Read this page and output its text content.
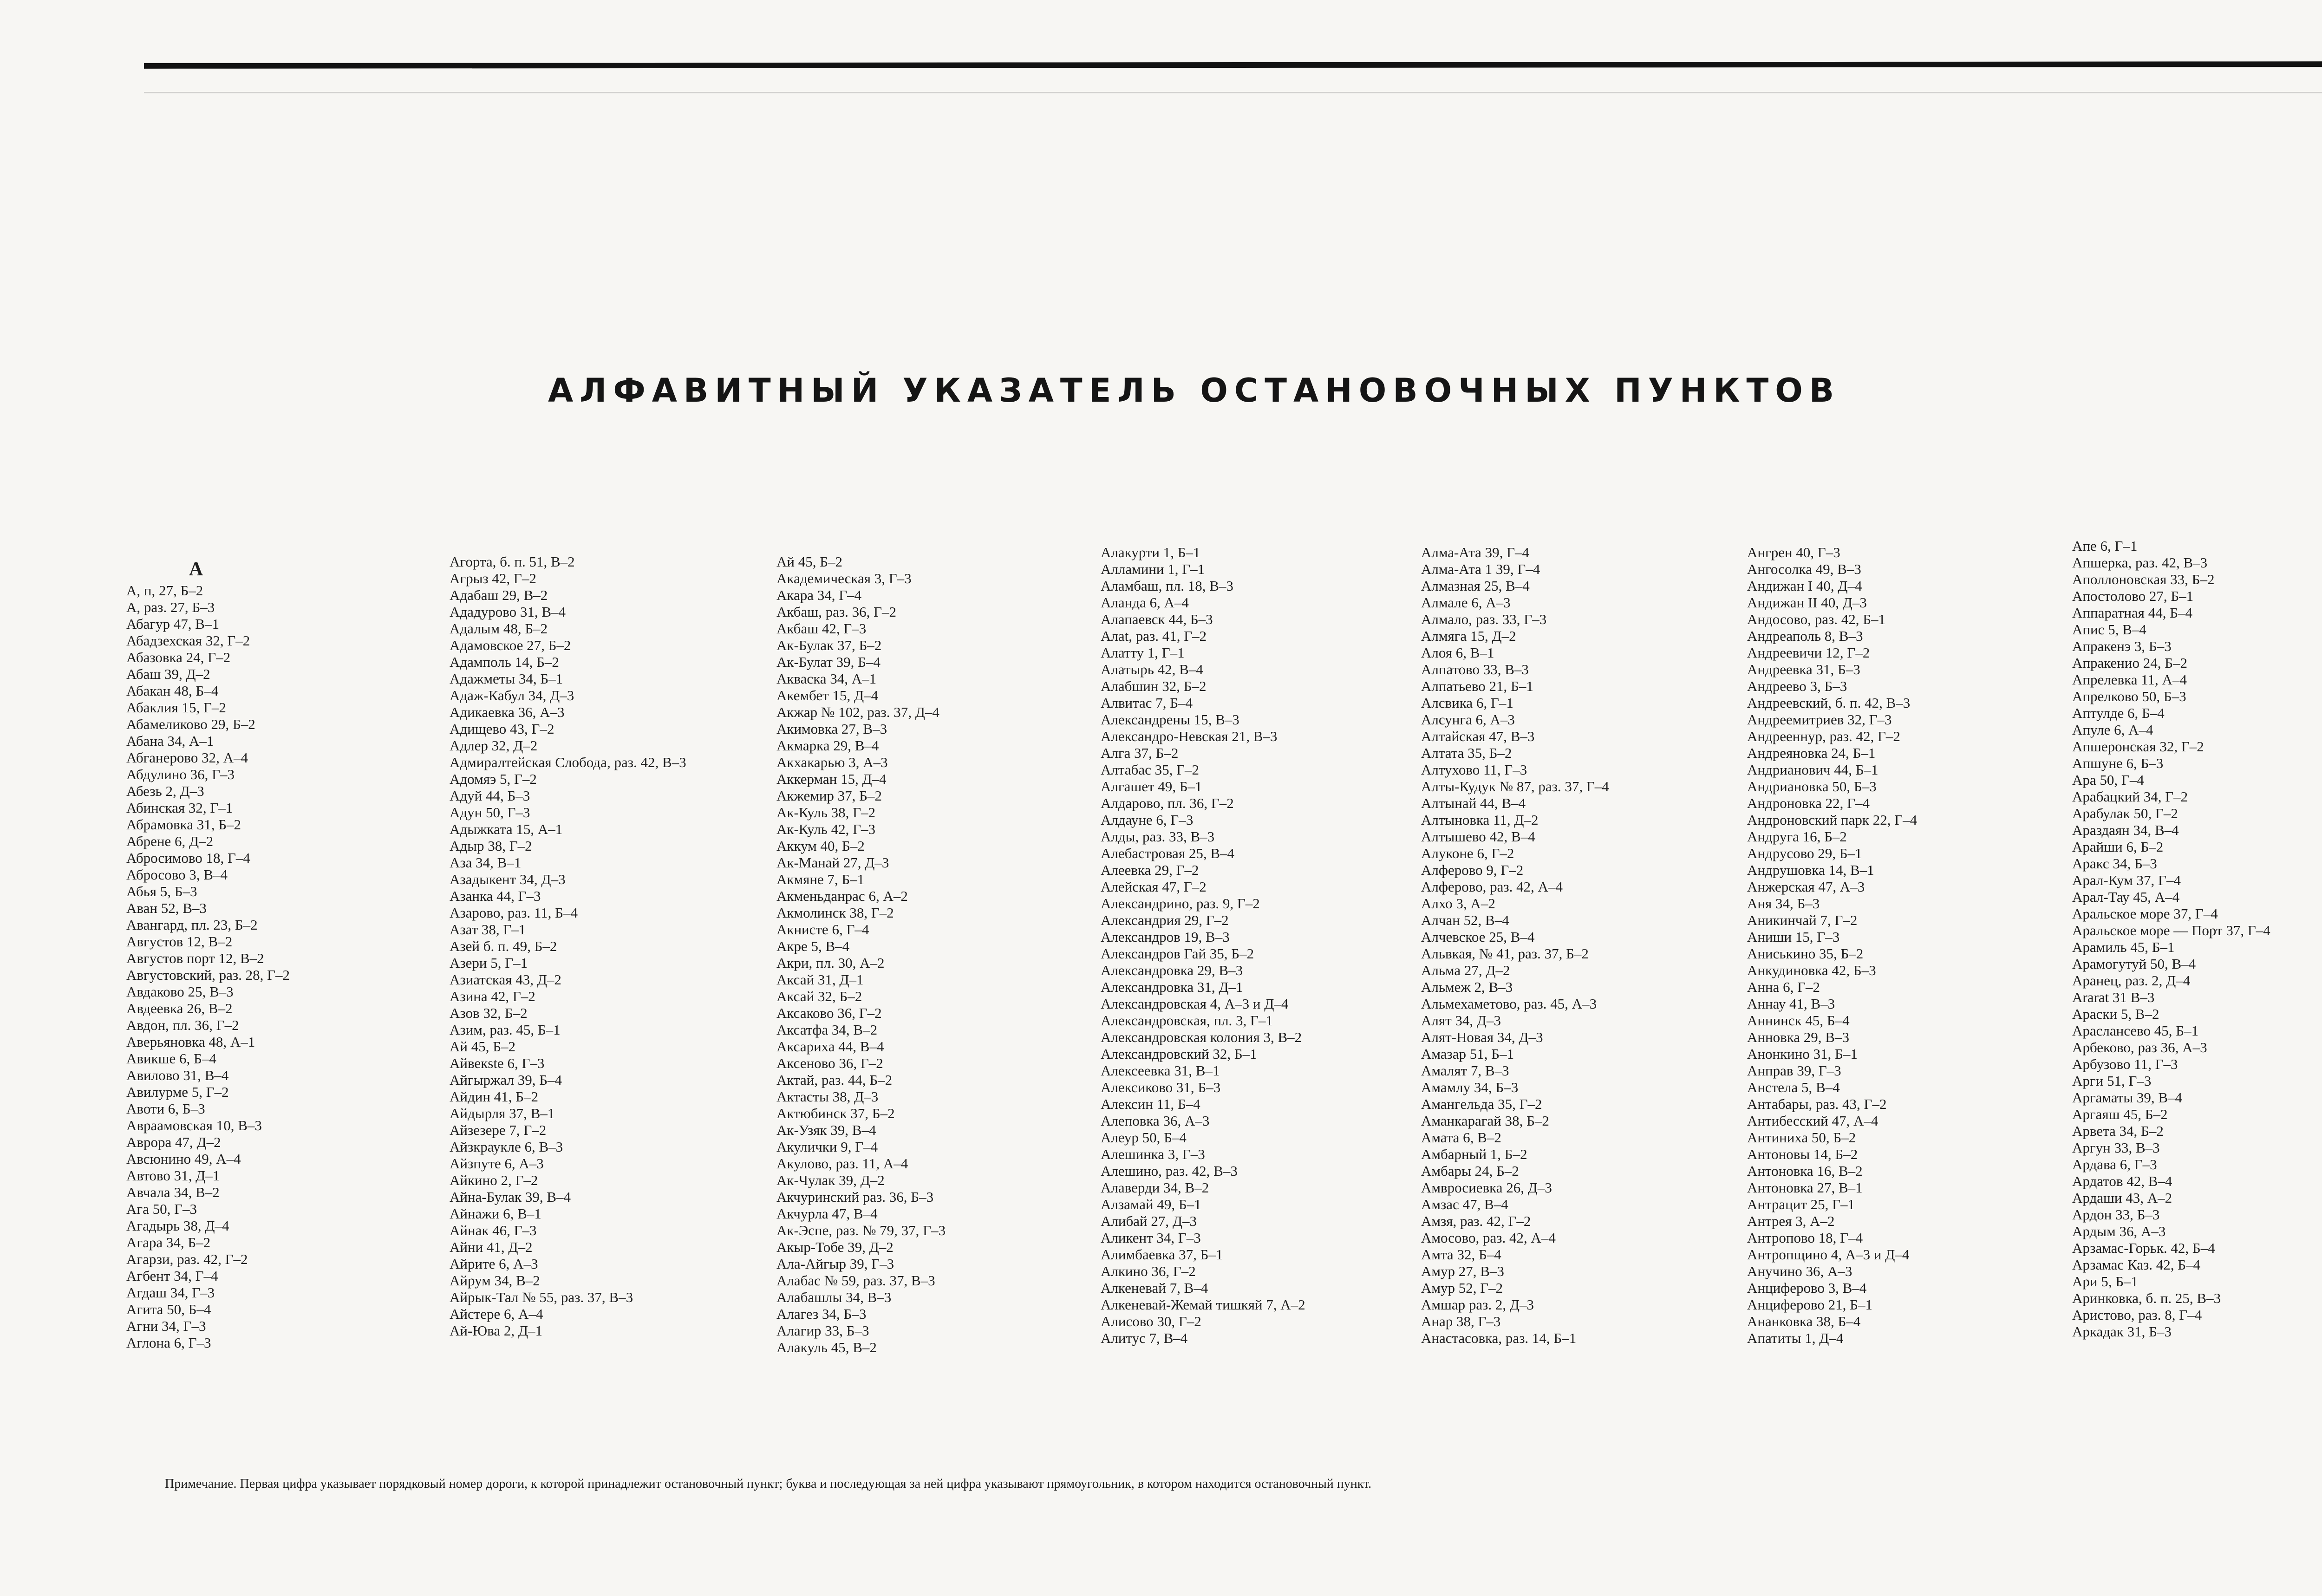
АЛФАВИТНЫЙ УКАЗАТЕЛЬ ОСТАНОВОЧНЫХ ПУНКТОВ
А
А, п, 27, Б–2
А, раз. 27, Б–3
Абагур 47, В–1
Абадзехская 32, Г–2
Абазовка 24, Г–2
Абаш 39, Д–2
Абакан 48, Б–4
Абаклия 15, Г–2
Абамеликово 29, Б–2
Абана 34, А–1
Абганерово 32, А–4
Абдулино 36, Г–3
Абезь 2, Д–3
Абинская 32, Г–1
Абрамовка 31, Б–2
Абрене 6, Д–2
Абросимово 18, Г–4
Абросово 3, В–4
Абья 5, Б–3
Аван 52, В–3
Авангард, пл. 23, Б–2
Августов 12, В–2
Августов порт 12, В–2
Августовский, раз. 28, Г–2
Авдаково 25, В–3
Авдеевка 26, В–2
Авдон, пл. 36, Г–2
Аверьяновка 48, А–1
Авикше 6, Б–4
Авилово 31, В–4
Авилурме 5, Г–2
Авоти 6, Б–3
Авраамовская 10, В–3
Аврора 47, Д–2
Авсюнино 49, А–4
Автово 31, Д–1
Авчала 34, В–2
Ага 50, Г–3
Агадырь 38, Д–4
Агара 34, Б–2
Агарзи, раз. 42, Г–2
Агбент 34, Г–4
Агдаш 34, Г–3
Агита 50, Б–4
Агни 34, Г–3
Аглона 6, Г–3
Агорта, б. п. 51, В–2
Агрыз 42, Г–2
Адабаш 29, В–2
Ададурово 31, В–4
Адалым 48, Б–2
Адамовское 27, Б–2
Адамполь 14, Б–2
Адажметы 34, Б–1
Адаж-Кабул 34, Д–3
Адикаевка 36, А–3
Адищево 43, Г–2
Адлер 32, Д–2
Адмиралтейская Слобода, раз. 42, В–3
Адомяэ 5, Г–2
Адуй 44, Б–3
Адун 50, Г–3
Адыжката 15, А–1
Адыр 38, Г–2
Аза 34, В–1
Азадыкент 34, Д–3
Азанка 44, Г–3
Азарово, раз. 11, Б–4
Азат 38, Г–1
Азей б. п. 49, Б–2
Азери 5, Г–1
Азиатская 43, Д–2
Азина 42, Г–2
Азов 32, Б–2
Азим, раз. 45, Б–1
Ай 45, Б–2
Айвекste 6, Г–3
Айгыржал 39, Б–4
Айдин 41, Б–2
Айдырля 37, В–1
Айзезере 7, Г–2
Айзкраукле 6, В–3
Айзпуте 6, А–3
Айкино 2, Г–2
Айна-Булак 39, В–4
Айнажи 6, В–1
Айнак 46, Г–3
Айни 41, Д–2
Айрите 6, А–3
Айрум 34, В–2
Айрык-Тал № 55, раз. 37, В–3
Айстере 6, А–4
Ай-Юва 2, Д–1
Ай 45, Б–2
Академическая 3, Г–3
Акара 34, Г–4
Акбаш, раз. 36, Г–2
Акбаш 42, Г–3
Ак-Булак 37, Б–2
Ак-Булат 39, Б–4
Акваска 34, А–1
Акембет 15, Д–4
Акжар № 102, раз. 37, Д–4
Акимовка 27, В–3
Акмарка 29, В–4
Акхакарью 3, А–3
Аккерман 15, Д–4
Акжемир 37, Б–2
Ак-Куль 38, Г–2
Ак-Куль 42, Г–3
Аккум 40, Б–2
Ак-Манай 27, Д–3
Акмяне 7, Б–1
Акменьданрас 6, А–2
Акмолинск 38, Г–2
Акнисте 6, Г–4
Акре 5, В–4
Акри, пл. 30, А–2
Аксай 31, Д–1
Аксай 32, Б–2
Аксаково 36, Г–2
Аксатфа 34, В–2
Аксариха 44, В–4
Аксеново 36, Г–2
Актай, раз. 44, Б–2
Актасты 38, Д–3
Актюбинск 37, Б–2
Ак-Узяк 39, В–4
Акулички 9, Г–4
Акулово, раз. 11, А–4
Ак-Чулак 39, Д–2
Акчуринский раз. 36, Б–3
Акчурла 47, В–4
Ак-Эспе, раз. № 79, 37, Г–3
Акыр-Тобе 39, Д–2
Ала-Айгыр 39, Г–3
Алабас № 59, раз. 37, В–3
Алабашлы 34, В–3
Алагез 34, Б–3
Алагир 33, Б–3
Алакуль 45, В–2
Алакурти 1, Б–1
Алламини 1, Г–1
Аламбаш, пл. 18, В–3
Аланда 6, А–4
Алапаевск 44, Б–3
Алаt, раз. 41, Г–2
Алатту 1, Г–1
Алатырь 42, В–4
Алабшин 32, Б–2
Алвитас 7, Б–4
Александрены 15, В–3
Александро-Невская 21, В–3
Алга 37, Б–2
Алтабас 35, Г–2
Алгашет 49, Б–1
Алдарово, пл. 36, Г–2
Алдауне 6, Г–3
Алды, раз. 33, В–3
Алебастровая 25, В–4
Алеевка 29, Г–2
Алейская 47, Г–2
Александрино, раз. 9, Г–2
Александрия 29, Г–2
Александров 19, В–3
Александров Гай 35, Б–2
Александровка 29, В–3
Александровка 31, Д–1
Александровская 4, А–3 и Д–4
Александровская, пл. 3, Г–1
Александровская колония 3, В–2
Александровский 32, Б–1
Алексеевка 31, В–1
Алексиково 31, Б–3
Алексин 11, Б–4
Алеповка 36, А–3
Алеур 50, Б–4
Алешинка 3, Г–3
Алешино, раз. 42, В–3
Алаверди 34, В–2
Алзамай 49, Б–1
Алибай 27, Д–3
Аликент 34, Г–3
Алимбаевка 37, Б–1
Алкино 36, Г–2
Алкеневай 7, В–4
Алкеневай-Жемай тишкяй 7, А–2
Алисово 30, Г–2
Алитус 7, В–4
Алма-Ата 39, Г–4
Алма-Ата 1 39, Г–4
Алмазная 25, В–4
Алмале 6, А–3
Алмало, раз. 33, Г–3
Алмяга 15, Д–2
Алоя 6, В–1
Алпатово 33, В–3
Алпатьево 21, Б–1
Алсвика 6, Г–1
Алсунга 6, А–3
Алтайская 47, В–3
Алтата 35, Б–2
Алтухово 11, Г–3
Алты-Кудук № 87, раз. 37, Г–4
Алтынай 44, В–4
Алтыновка 11, Д–2
Алтышево 42, В–4
Алуконе 6, Г–2
Алферово 9, Г–2
Алферово, раз. 42, А–4
Алхо 3, А–2
Алчан 52, В–4
Алчевское 25, В–4
Альвкая, № 41, раз. 37, Б–2
Альма 27, Д–2
Альмеж 2, В–3
Альмехаметово, раз. 45, А–3
Алят 34, Д–3
Алят-Новая 34, Д–3
Амазар 51, Б–1
Амалят 7, В–3
Амамлу 34, Б–3
Амангельда 35, Г–2
Аманкарагай 38, Б–2
Амата 6, В–2
Амбарный 1, Б–2
Амбары 24, Б–2
Амвросиевка 26, Д–3
Амзас 47, В–4
Амзя, раз. 42, Г–2
Амосово, раз. 42, А–4
Амта 32, Б–4
Амур 27, В–3
Амур 52, Г–2
Амшар раз. 2, Д–3
Анар 38, Г–3
Анастасовка, раз. 14, Б–1
Ангрен 40, Г–3
Ангосолка 49, В–3
Андижан I 40, Д–4
Андижан II 40, Д–3
Андосово, раз. 42, Б–1
Андреаполь 8, В–3
Андреевичи 12, Г–2
Андреевка 31, Б–3
Андреево 3, Б–3
Андреевский, б. п. 42, В–3
Андреемитриев 32, Г–3
Андрееннур, раз. 42, Г–2
Андреяновка 24, Б–1
Андрианович 44, Б–1
Андриановка 50, Б–3
Андроновка 22, Г–4
Андроновский парк 22, Г–4
Андруга 16, Б–2
Андрусово 29, Б–1
Андрушовка 14, В–1
Анжерская 47, А–3
Аня 34, Б–3
Аникинчай 7, Г–2
Аниши 15, Г–3
Аниськино 35, Б–2
Анкудиновка 42, Б–3
Анна 6, Г–2
Аннау 41, В–3
Аннинск 45, Б–4
Анновка 29, В–3
Анонкино 31, Б–1
Анправ 39, Г–3
Анстела 5, В–4
Антабары, раз. 43, Г–2
Антибесский 47, А–4
Антиниха 50, Б–2
Антоновы 14, Б–2
Антоновка 16, В–2
Антоновка 27, В–1
Антрацит 25, Г–1
Антрея 3, А–2
Антропово 18, Г–4
Антропщино 4, А–3 и Д–4
Анучино 36, А–3
Анциферово 3, В–4
Анциферово 21, Б–1
Ананковка 38, Б–4
Апатиты 1, Д–4
Апе 6, Г–1
Апшерка, раз. 42, В–3
Аполлоновская 33, Б–2
Апостолово 27, Б–1
Аппаратная 44, Б–4
Апис 5, В–4
Апракенэ 3, Б–3
Апракенио 24, Б–2
Апрелевка 11, А–4
Апрелково 50, Б–3
Аптулде 6, Б–4
Апуле 6, А–4
Апшеронская 32, Г–2
Апшуне 6, Б–3
Ара 50, Г–4
Арабацкий 34, Г–2
Арабулак 50, Г–2
Араздаян 34, В–4
Арайши 6, Б–2
Аракс 34, Б–3
Арал-Кум 37, Г–4
Арал-Тау 45, А–4
Аральское море 37, Г–4
Аральское море — Порт 37, Г–4
Арамиль 45, Б–1
Арамогутуй 50, В–4
Аранец, раз. 2, Д–4
Ararat 31 В–3
Араски 5, В–2
Араслансево 45, Б–1
Арбеково, раз 36, А–3
Арбузово 11, Г–3
Арги 51, Г–3
Аргаматы 39, В–4
Аргаяш 45, Б–2
Арвета 34, Б–2
Аргун 33, В–3
Ардава 6, Г–3
Ардатов 42, В–4
Ардаши 43, А–2
Ардон 33, Б–3
Ардым 36, А–3
Арзамас-Горьк. 42, Б–4
Арзамас Каз. 42, Б–4
Ари 5, Б–1
Аринковка, б. п. 25, В–3
Аристово, раз. 8, Г–4
Аркадак 31, Б–3
Примечание. Первая цифра указывает порядковый номер дороги, к которой принадлежит остановочный пункт; буква и последующая за ней цифра указывают прямоугольник, в котором находится остановочный пункт.
